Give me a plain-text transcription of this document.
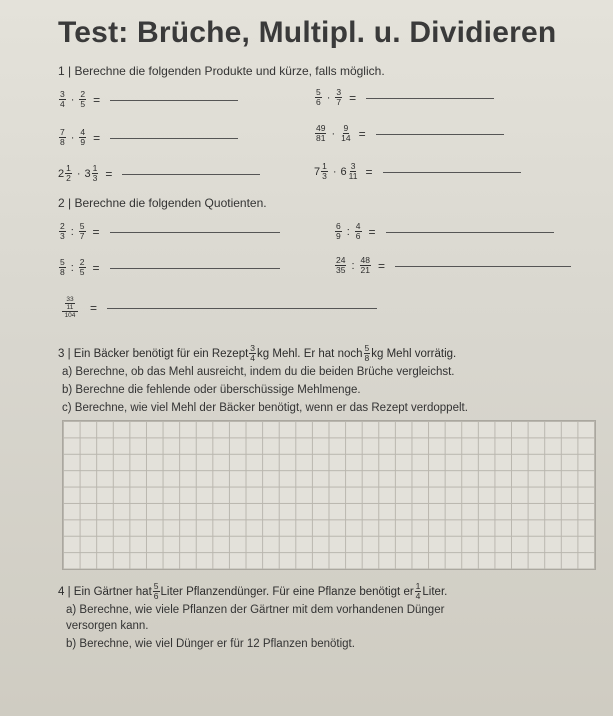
Test: Brüche, Multipl. u. Dividieren
1 | Berechne die folgenden Produkte und kürze, falls möglich.
$\frac{3}{4} \cdot \frac{2}{5}$ =	$\frac{5}{6} \cdot \frac{3}{7}$ =
$\frac{7}{8} \cdot \frac{4}{9}$ =	$\frac{49}{81} \cdot \frac{9}{14}$ =
$2 \frac{1}{2} \cdot 3 \frac{1}{3}$ =	$7 \frac{1}{3} \cdot 6 \frac{3}{11}$ =
2 | Berechne die folgenden Quotienten.
$\frac{2}{3}$ : $\frac{5}{7}$ =	$\frac{6}{9}$ : $\frac{4}{6}$ =
$\frac{5}{8}$ : $\frac{2}{5}$ =	$\frac{24}{35}$ : $\frac{48}{21}$ =
33
11
104
=
3 | Ein Bäcker benötigt für ein Rezept $\frac{3}{4}$ kg Mehl. Er hat noch $\frac{5}{8}$ kg Mehl vorrätig.
a) Berechne, ob das Mehl ausreicht, indem du die beiden Brüche vergleichst.
b) Berechne die fehlende oder überschüssige Mehlmenge.
c) Berechne, wie viel Mehl der Bäcker benötigt, wenn er das Rezept verdoppelt.
4 | Ein Gärtner hat $\frac{5}{6}$ Liter Pflanzendünger. Für eine Pflanze benötigt er $\frac{1}{4}$ Liter.
a) Berechne, wie viele Pflanzen der Gärtner mit dem vorhandenen Dünger
versorgen kann.
b) Berechne, wie viel Dünger er für 12 Pflanzen benötigt.
